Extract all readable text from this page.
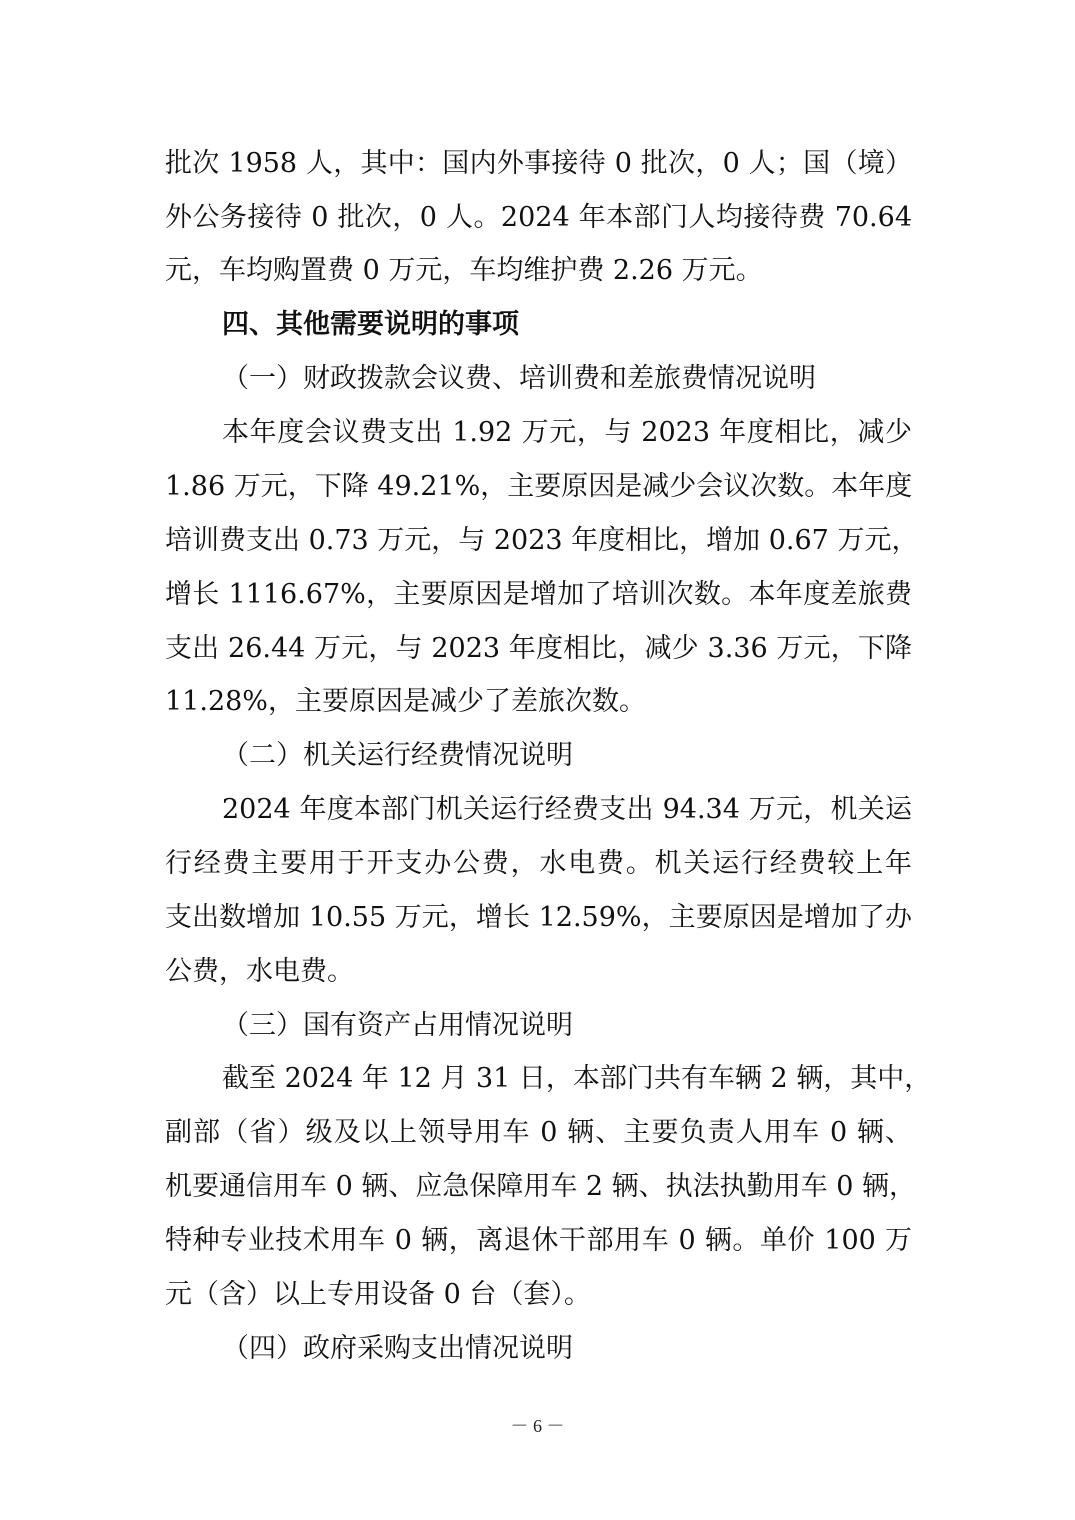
批次 1958 人，其中：国内外事接待 0 批次，0 人；国（境）
外公务接待 0 批次，0 人。2024 年本部门人均接待费 70.64
元，车均购置费 0 万元，车均维护费 2.26 万元。
四、其他需要说明的事项
（一）财政拨款会议费、培训费和差旅费情况说明
本年度会议费支出 1.92 万元，与 2023 年度相比，减少
1.86 万元，下降 49.21%，主要原因是减少会议次数。本年度
培训费支出 0.73 万元，与 2023 年度相比，增加 0.67 万元，
增长 1116.67%，主要原因是增加了培训次数。本年度差旅费
支出 26.44 万元，与 2023 年度相比，减少 3.36 万元，下降
11.28%，主要原因是减少了差旅次数。
（二）机关运行经费情况说明
2024 年度本部门机关运行经费支出 94.34 万元，机关运
行经费主要用于开支办公费，水电费。机关运行经费较上年
支出数增加 10.55 万元，增长 12.59%，主要原因是增加了办
公费，水电费。
（三）国有资产占用情况说明
截至 2024 年 12 月 31 日，本部门共有车辆 2 辆，其中，
副部（省）级及以上领导用车 0 辆、主要负责人用车 0 辆、
机要通信用车 0 辆、应急保障用车 2 辆、执法执勤用车 0 辆，
特种专业技术用车 0 辆，离退休干部用车 0 辆。单价 100 万
元（含）以上专用设备 0 台（套）。
（四）政府采购支出情况说明
－ 6 －
